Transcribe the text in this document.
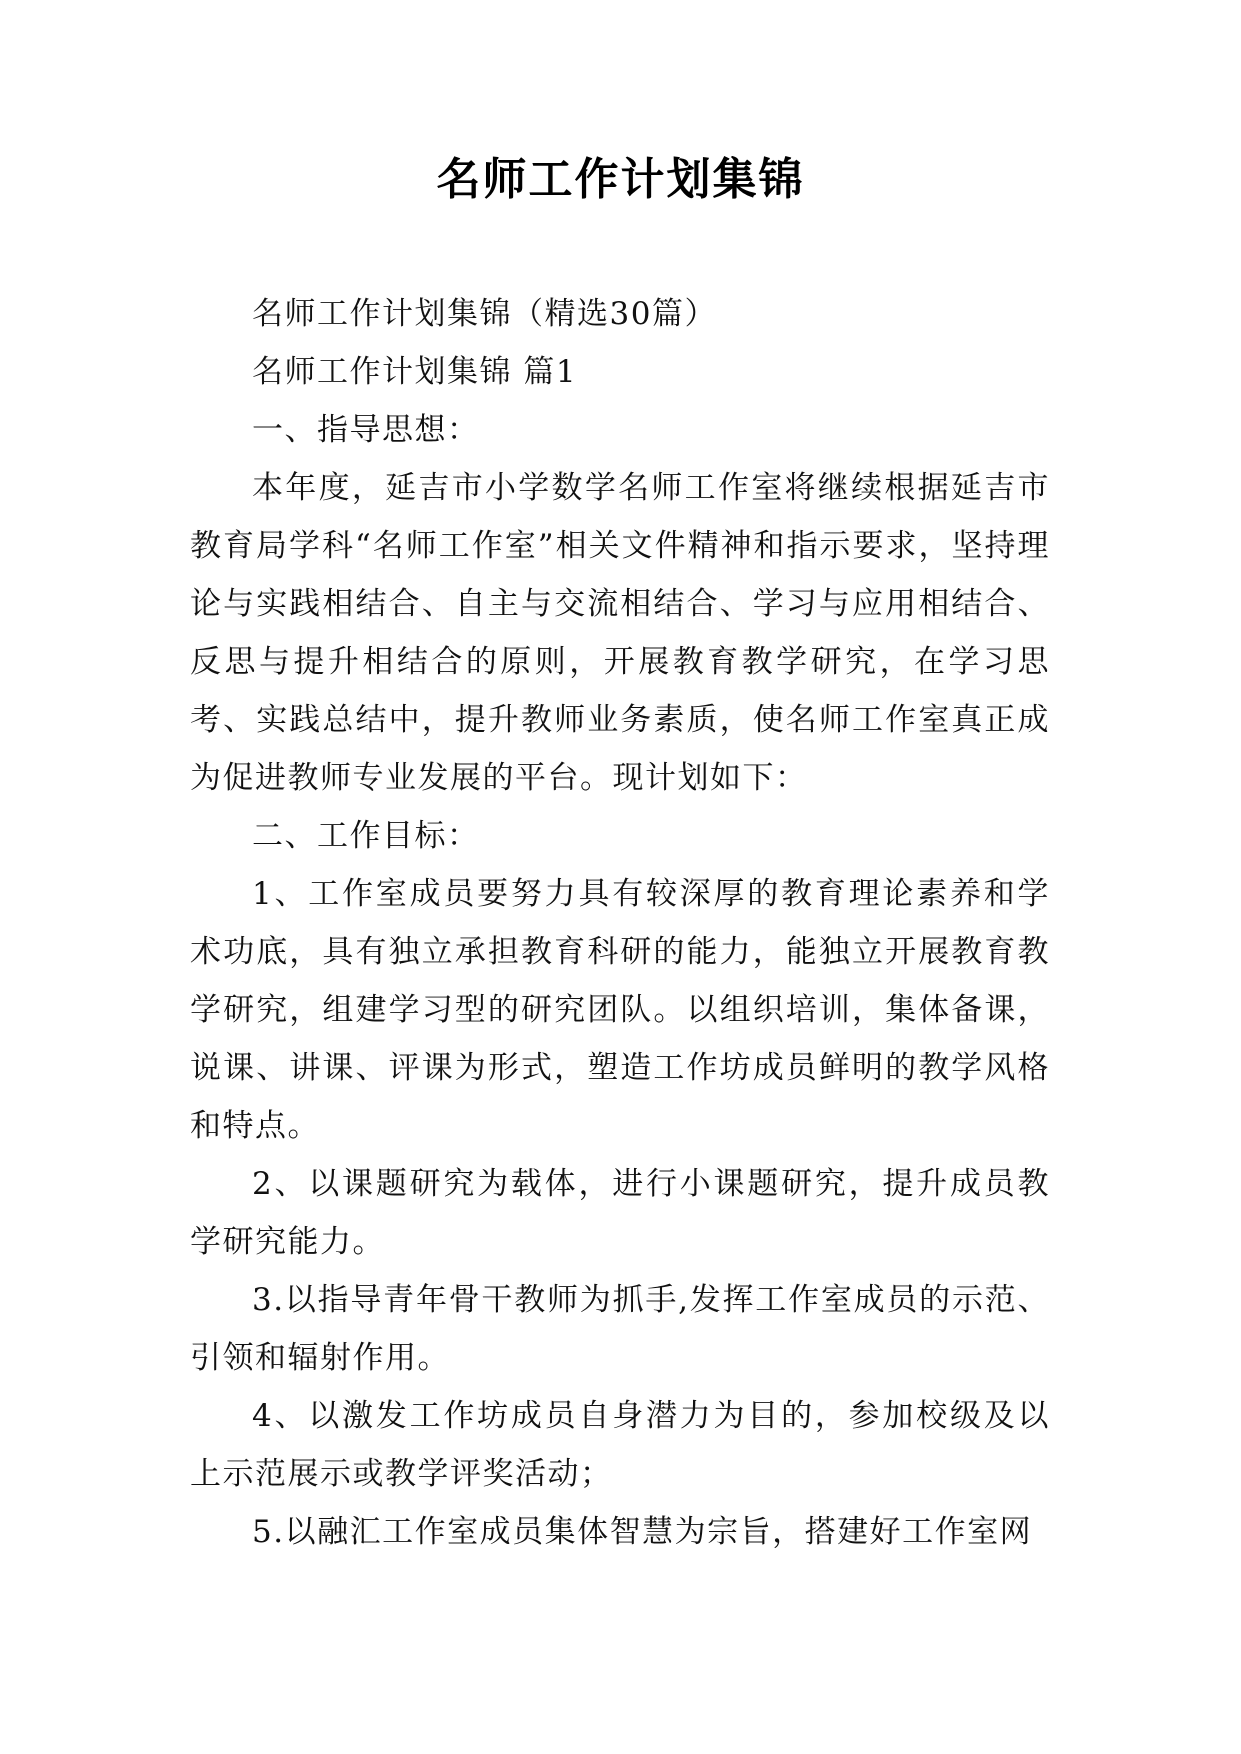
名师工作计划集锦

名师工作计划集锦（精选30篇）

名师工作计划集锦 篇1

一、指导思想：

本年度，延吉市小学数学名师工作室将继续根据延吉市教育局学科“名师工作室”相关文件精神和指示要求，坚持理论与实践相结合、自主与交流相结合、学习与应用相结合、反思与提升相结合的原则，开展教育教学研究，在学习思考、实践总结中，提升教师业务素质，使名师工作室真正成为促进教师专业发展的平台。现计划如下：

二、工作目标：

1、工作室成员要努力具有较深厚的教育理论素养和学术功底，具有独立承担教育科研的能力，能独立开展教育教学研究，组建学习型的研究团队。以组织培训，集体备课，说课、讲课、评课为形式，塑造工作坊成员鲜明的教学风格和特点。

2、以课题研究为载体，进行小课题研究，提升成员教学研究能力。

3.以指导青年骨干教师为抓手,发挥工作室成员的示范、引领和辐射作用。

4、以激发工作坊成员自身潜力为目的，参加校级及以上示范展示或教学评奖活动；

5.以融汇工作室成员集体智慧为宗旨，搭建好工作室网
